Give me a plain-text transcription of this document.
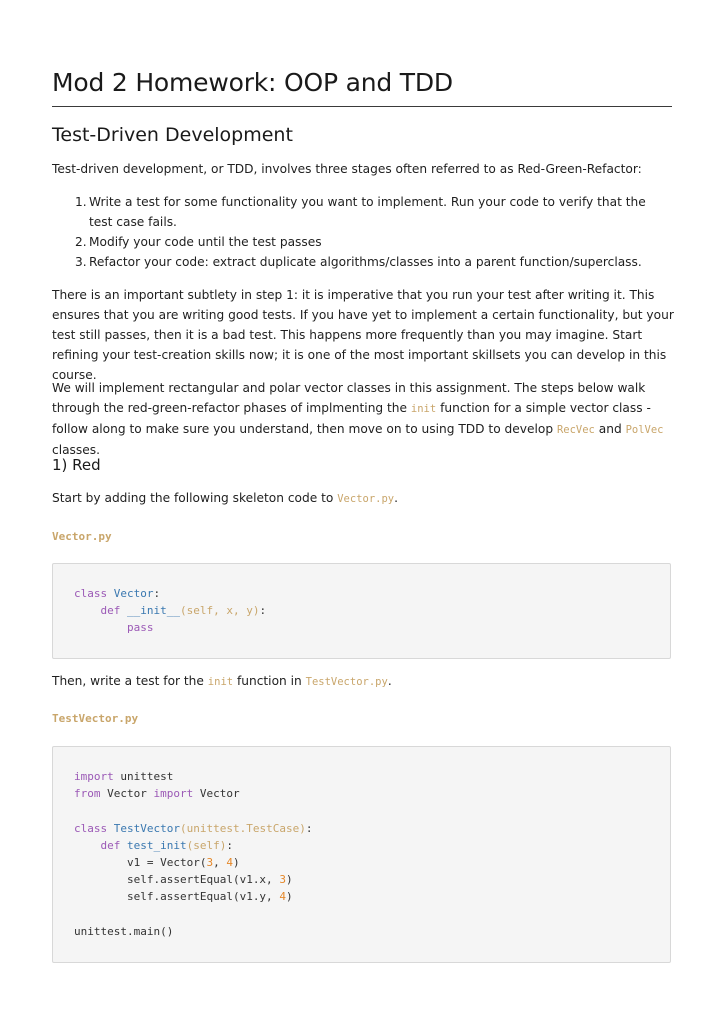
Mod 2 Homework: OOP and TDD
Test-Driven Development

Test-driven development, or TDD, involves three stages often referred to as Red-Green-Refactor:

1. Write a test for some functionality you want to implement. Run your code to verify that the test case fails.
2. Modify your code until the test passes
3. Refactor your code: extract duplicate algorithms/classes into a parent function/superclass.

There is an important subtlety in step 1: it is imperative that you run your test after writing it. This ensures that you are writing good tests. If you have yet to implement a certain functionality, but your test still passes, then it is a bad test. This happens more frequently than you may imagine. Start refining your test-creation skills now; it is one of the most important skillsets you can develop in this course.

We will implement rectangular and polar vector classes in this assignment. The steps below walk through the red-green-refactor phases of implmenting the init function for a simple vector class - follow along to make sure you understand, then move on to using TDD to develop RecVec and PolVec classes.

1) Red

Start by adding the following skeleton code to Vector.py.

Vector.py
class Vector:
def __init__(self, x, y):
pass

Then, write a test for the init function in TestVector.py.

TestVector.py
import unittest
from Vector import Vector

class TestVector(unittest.TestCase):
def test_init(self):
v1 = Vector(3, 4)
self.assertEqual(v1.x, 3)
self.assertEqual(v1.y, 4)

unittest.main()
